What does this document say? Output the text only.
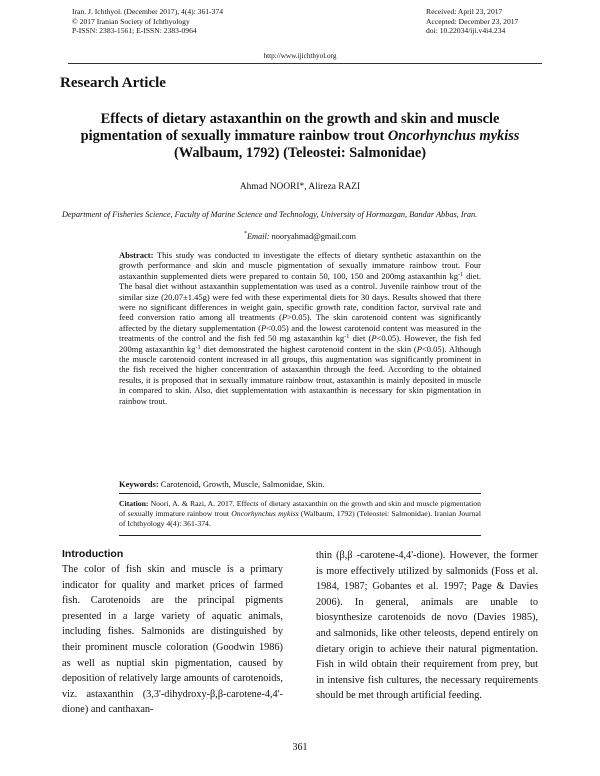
Iran. J. Ichthyol. (December 2017), 4(4): 361-374
© 2017 Iranian Society of Ichthyology
P-ISSN: 2383-1561; E-ISSN: 2383-0964
Received: April 23, 2017
Accepted: December 23, 2017
doi: 10.22034/iji.v4i4.234
http://www.ijichthyol.org
Research Article
Effects of dietary astaxanthin on the growth and skin and muscle pigmentation of sexually immature rainbow trout Oncorhynchus mykiss (Walbaum, 1792) (Teleostei: Salmonidae)
Ahmad NOORI*, Alireza RAZI
Department of Fisheries Science, Faculty of Marine Science and Technology, University of Hormozgan, Bandar Abbas, Iran.
*Email: nooryahmad@gmail.com
Abstract: This study was conducted to investigate the effects of dietary synthetic astaxanthin on the growth performance and skin and muscle pigmentation of sexually immature rainbow trout. Four astaxanthin supplemented diets were prepared to contain 50, 100, 150 and 200mg astaxanthin $kg^{-1}$ diet. The basal diet without astaxanthin supplementation was used as a control. Juvenile rainbow trout of the similar size (20.07±1.45g) were fed with these experimental diets for 30 days. Results showed that there were no significant differences in weight gain, specific growth rate, condition factor, survival rate and feed conversion ratio among all treatments (P>0.05). The skin carotenoid content was significantly affected by the dietary supplementation (P<0.05) and the lowest carotenoid content was measured in the treatments of the control and the fish fed 50 mg astaxanthin $kg^{-1}$ diet (P<0.05). However, the fish fed 200mg astaxanthin $kg^{-1}$ diet demonstrated the highest carotenoid content in the skin (P<0.05). Although the muscle carotenoid content increased in all groups, this augmentation was significantly prominent in the fish received the higher concentration of astaxanthin through the feed. According to the obtained results, it is proposed that in sexually immature rainbow trout, astaxanthin is mainly deposited in muscle in compared to skin. Also, diet supplementation with astaxanthin is necessary for skin pigmentation in rainbow trout.
Keywords: Carotenoid, Growth, Muscle, Salmonidae, Skin.
Citation: Noori, A. & Razi, A. 2017. Effects of dietary astaxanthin on the growth and skin and muscle pigmentation of sexually immature rainbow trout Oncorhynchus mykiss (Walbaum, 1792) (Teleostei: Salmonidae). Iranian Journal of Ichthyology 4(4): 361-374.
Introduction
The color of fish skin and muscle is a primary indicator for quality and market prices of farmed fish. Carotenoids are the principal pigments presented in a large variety of aquatic animals, including fishes. Salmonids are distinguished by their prominent muscle coloration (Goodwin 1986) as well as nuptial skin pigmentation, caused by deposition of relatively large amounts of carotenoids, viz. astaxanthin (3,3'-dihydroxy-β,β-carotene-4,4'-dione) and canthaxan-
thin (β,β -carotene-4,4'-dione). However, the former is more effectively utilized by salmonids (Foss et al. 1984, 1987; Gobantes et al. 1997; Page & Davies 2006). In general, animals are unable to biosynthesize carotenoids de novo (Davies 1985), and salmonids, like other teleosts, depend entirely on dietary origin to achieve their natural pigmentation. Fish in wild obtain their requirement from prey, but in intensive fish cultures, the necessary requirements should be met through artificial feeding.
361
